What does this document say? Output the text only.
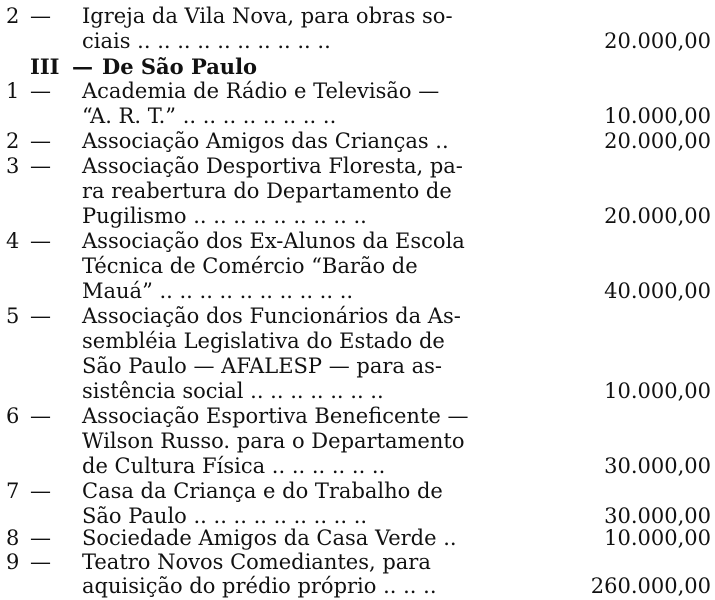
2 — Igreja da Vila Nova, para obras so-
ciais .. .. .. .. .. .. .. .. .. ..	20.000,00
III — De São Paulo
1 — Academia de Rádio e Televisão —
“A. R. T.” .. .. .. .. .. .. .. ..	10.000,00
2 — Associação Amigos das Crianças ..	20.000,00
3 — Associação Desportiva Floresta, pa-
ra reabertura do Departamento de
Pugilismo .. .. .. .. .. .. .. .. ..	20.000,00
4 — Associação dos Ex-Alunos da Escola
Técnica de Comércio “Barão de
Mauá” .. .. .. .. .. .. .. .. .. ..	40.000,00
5 — Associação dos Funcionários da As-
sembléia Legislativa do Estado de
São Paulo — AFALESP — para as-
sistência social .. .. .. .. .. .. ..	10.000,00
6 — Associação Esportiva Beneficente —
Wilson Russo. para o Departamento
de Cultura Física .. .. .. .. .. ..	30.000,00
7 — Casa da Criança e do Trabalho de
São Paulo .. .. .. .. .. .. .. .. ..	30.000,00
8 — Sociedade Amigos da Casa Verde ..	10.000,00
9 — Teatro Novos Comediantes, para
aquisição do prédio próprio .. .. ..	260.000,00
